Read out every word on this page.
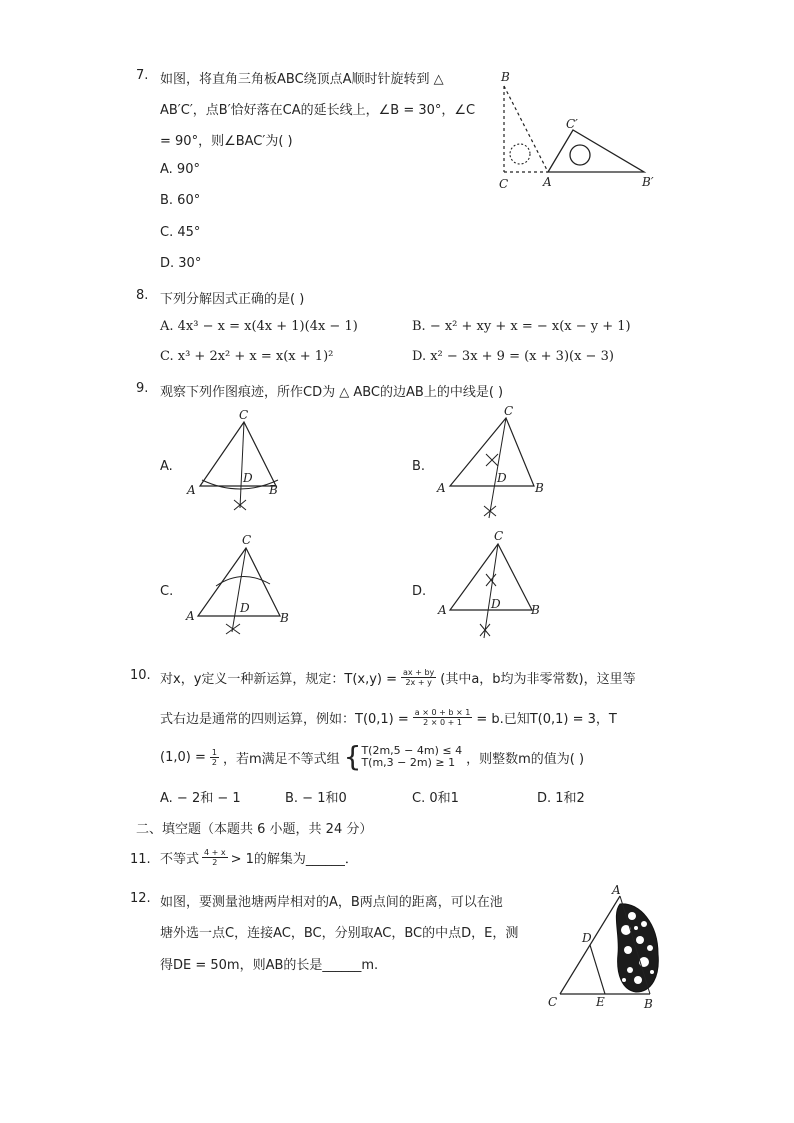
7. 如图，将直角三角板ABC绕顶点A顺时针旋转到 △
AB′C′，点B′恰好落在CA的延长线上，∠B = 30°，∠C
= 90°，则∠BAC′为( )
A. 90°
B. 60°
C. 45°
D. 30°
B
C	A
C′
B′
8. 下列分解因式正确的是( )
A. 4x³ − x = x(4x + 1)(4x − 1)	B. − x² + xy + x = − x(x − y + 1)
C. x³ + 2x² + x = x(x + 1)²	D. x² − 3x + 9 = (x + 3)(x − 3)
9. 观察下列作图痕迹，所作CD为 △ ABC的边AB上的中线是( )
A.
C
A	B
D
B.
C
A	B
D
C.
C
A	B
D
D.
C
A	B
D
10. 对x，y定义一种新运算，规定：$T(x,y) = \frac{ax + by}{2x + y}$ (其中a，b均为非零常数)，这里等
式右边是通常的四则运算，例如：$T(0,1) = \frac{a \times 0 + b \times 1}{2 \times 0 + 1} = b$.已知T(0,1) = 3，T
$(1,0) = \frac{1}{2}$ ，若m满足不等式组 { T(2m,5 − 4m) ≤ 4
T(m,3 − 2m) ≥ 1 ，则整数m的值为( )
A. − 2和 − 1	B. − 1和0	C. 0和1	D. 1和2
二、填空题（本题共 6 小题，共 24 分）
11. 不等式 $\frac{4 + x}{2} > 1$的解集为______．
12. 如图，要测量池塘两岸相对的A，B两点间的距离，可以在池
塘外选一点C，连接AC，BC，分别取AC，BC的中点D，E，测
得DE = 50m，则AB的长是______m.
A
D
C	E	B
